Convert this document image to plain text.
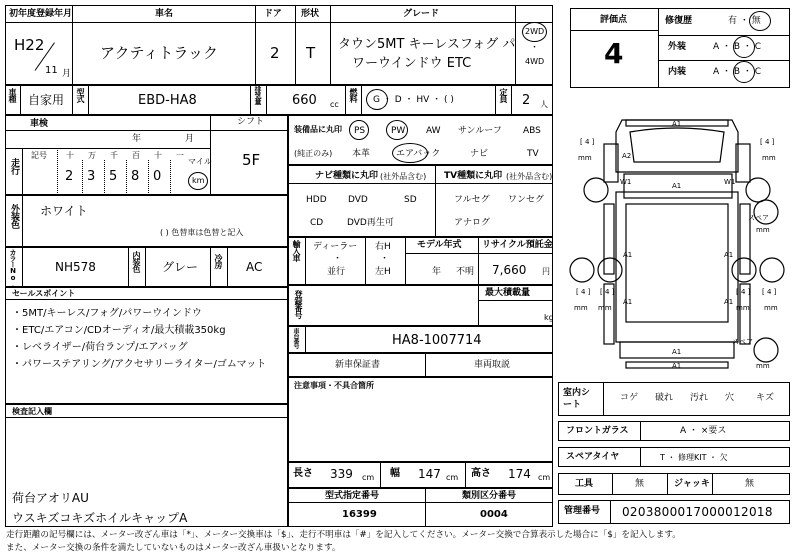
初年度登録年月
H22
11 月
車名
アクティトラック
ドア
2
形状
T
グレード
タウン5MT キーレスフォグ パ
ワーウインドウ ETC
2WD
・
4WD
評価点
4
修復歴	有 ・ 無
外装	A ・ B ・ C
内装	A ・ B ・ C
車種 自家用 型式	EBD-HA8	排気量 660 cc
燃料 G ・ D ・ HV ・ ( )	定員 2 人
車検
年	月
シフト
5F
走行
記号 十 万 千 百 十 一
2 3 5 8 0
マイル
km
装備品に丸印
(純正のみ)
PS	PW AW サンルーフ ABS
本革	エアバック	ナビ	TV
ナビ種類に丸印 (社外品含む) TV種類に丸印 (社外品含む)
HDD DVD	SD
CD	DVD再生可
フルセグ ワンセグ
アナログ
外装色 ホワイト
( ) 色替車は色替と記入
輸入車 ディーラー
・
並行
右H
・
左H
モデル年式
年 不明
リサイクル預託金
7,660 円
カラーNo.	NH578	内装色 グレー 冷房 AC
登録番号	最大積載量
kg
車台番号	HA8-1007714
新車保証書	車両取説
注意事項・不具合箇所
セールスポイント
・5MT/キーレス/フォグ/パワーウインドウ
・ETC/エアコン/CDオーディオ/最大積載350kg
・レベライザー/荷台ランプ/エアバッグ
・パワーステアリング/アクセサリーライター/ゴムマット
検査記入欄
荷台アオリAU
ウスキズコキズホイルキャップA
長さ 339 cm 幅 147 cm 高さ 174 cm
型式指定番号
16399
類別区分番号
0004
室内シート
コゲ 破れ 汚れ 穴 キズ
フロントガラス	A ・ ×要ス
スペアタイヤ	T ・ 修理KIT ・ 欠
工具	無	ジャッキ	無
管理番号 0203800017000012018
A1
A1
A2
W1	W1
A1	A1
A1	A1
A1
A1
スペア
スペア
[ 4 ]
mm
[ 4 ]
mm
[ 4 ]
mm
[ 4 ]
mm
[ 4 ]
mm
[ 4 ]
mm
mm
mm
走行距離の記号欄には、メーター改ざん車は「*」、メーター交換車は「$」、走行不明車は「#」を記入してください。メーター交換で合算表示した場合に「$」を記入します。
また、メーター交換の条件を満たしていないものはメーター改ざん車扱いとなります。
